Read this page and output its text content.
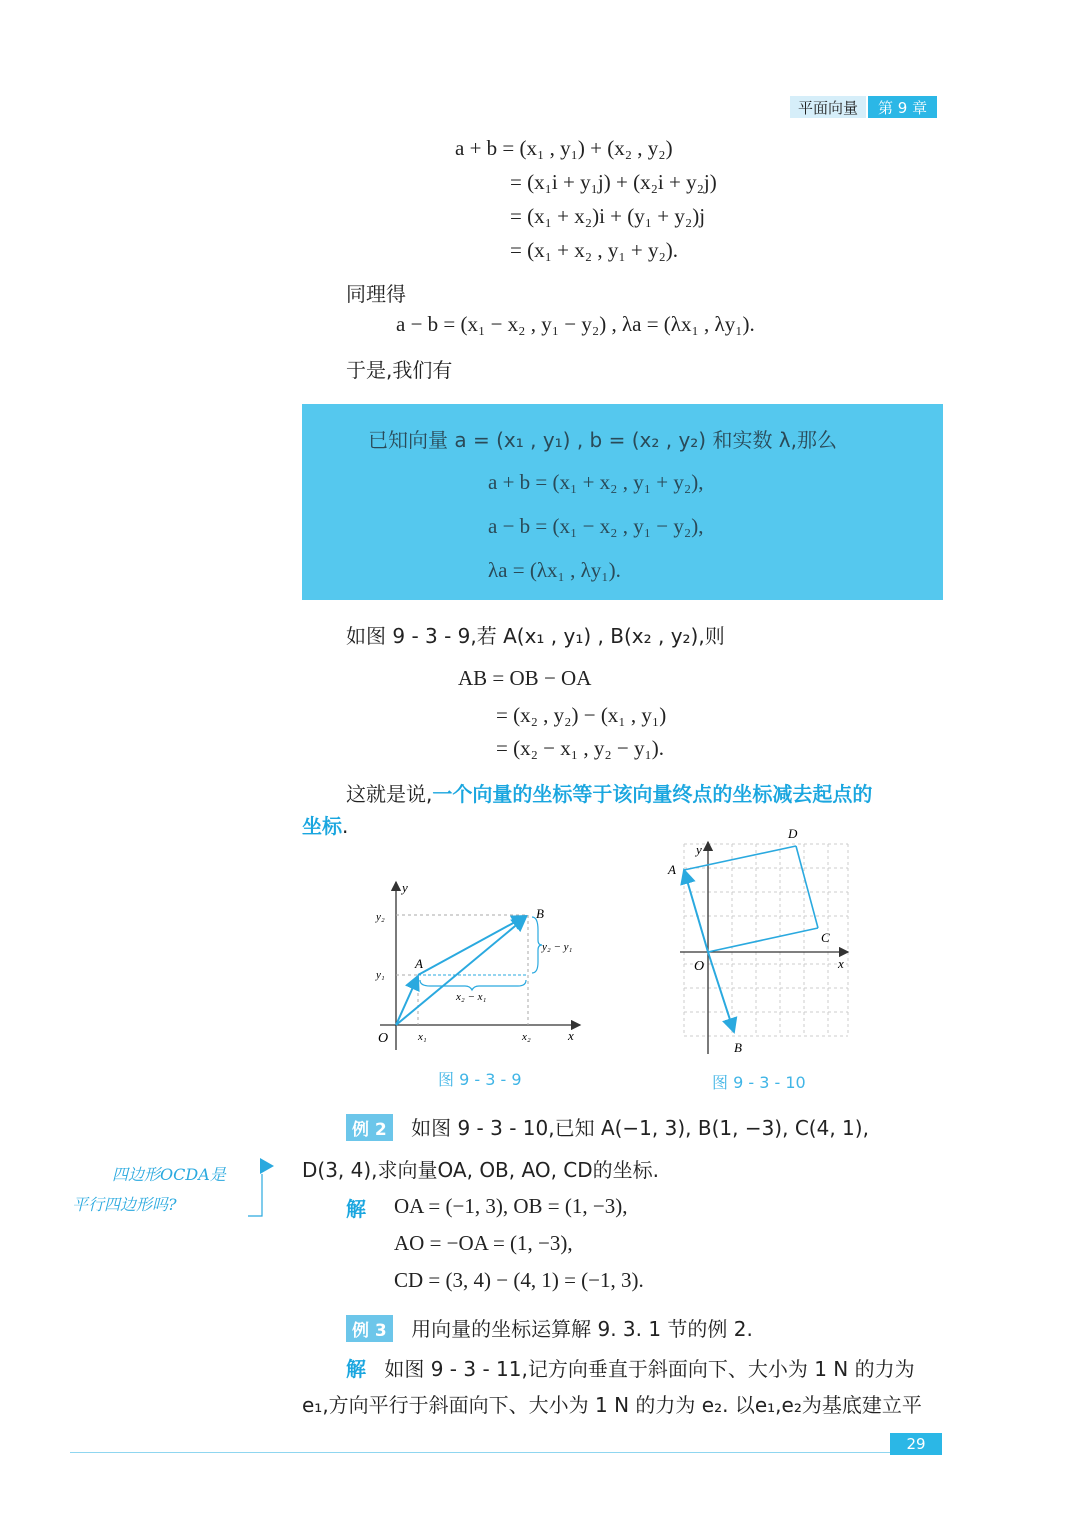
平面向量	第 9 章
a + b = (x₁ , y₁) + (x₂ , y₂)
= (x₁i + y₁j) + (x₂i + y₂j)
= (x₁ + x₂)i + (y₁ + y₂)j
= (x₁ + x₂ , y₁ + y₂).
同理得
a − b = (x₁ − x₂ , y₁ − y₂) , λa = (λx₁ , λy₁).
于是,我们有
已知向量 a = (x₁ , y₁) , b = (x₂ , y₂) 和实数 λ,那么
a + b = (x₁ + x₂ , y₁ + y₂),
a − b = (x₁ − x₂ , y₁ − y₂),
λa = (λx₁ , λy₁).
如图 9 - 3 - 9,若 A(x₁ , y₁) , B(x₂ , y₂),则
AB = OB − OA
= (x₂ , y₂) − (x₁ , y₁)
= (x₂ − x₁ , y₂ − y₁).
这就是说,一个向量的坐标等于该向量终点的坐标减去起点的
坐标.
y
x
O
A
B
y₂
y₁
x₁	x₂
y₂ − y₁
x₂ − x₁
图 9 - 3 - 9
y
x
O
A
B
C
D
图 9 - 3 - 10
例 2 如图 9 - 3 - 10,已知 A(−1, 3), B(1, −3), C(4, 1),
D(3, 4),求向量OA, OB, AO, CD的坐标.
四边形OCDA是
平行四边形吗?	解 OA = (−1, 3), OB = (1, −3),
AO = −OA = (1, −3),
CD = (3, 4) − (4, 1) = (−1, 3).
例 3 用向量的坐标运算解 9. 3. 1 节的例 2.
解 如图 9 - 3 - 11,记方向垂直于斜面向下、大小为 1 N 的力为
e₁,方向平行于斜面向下、大小为 1 N 的力为 e₂. 以e₁,e₂为基底建立平
29
